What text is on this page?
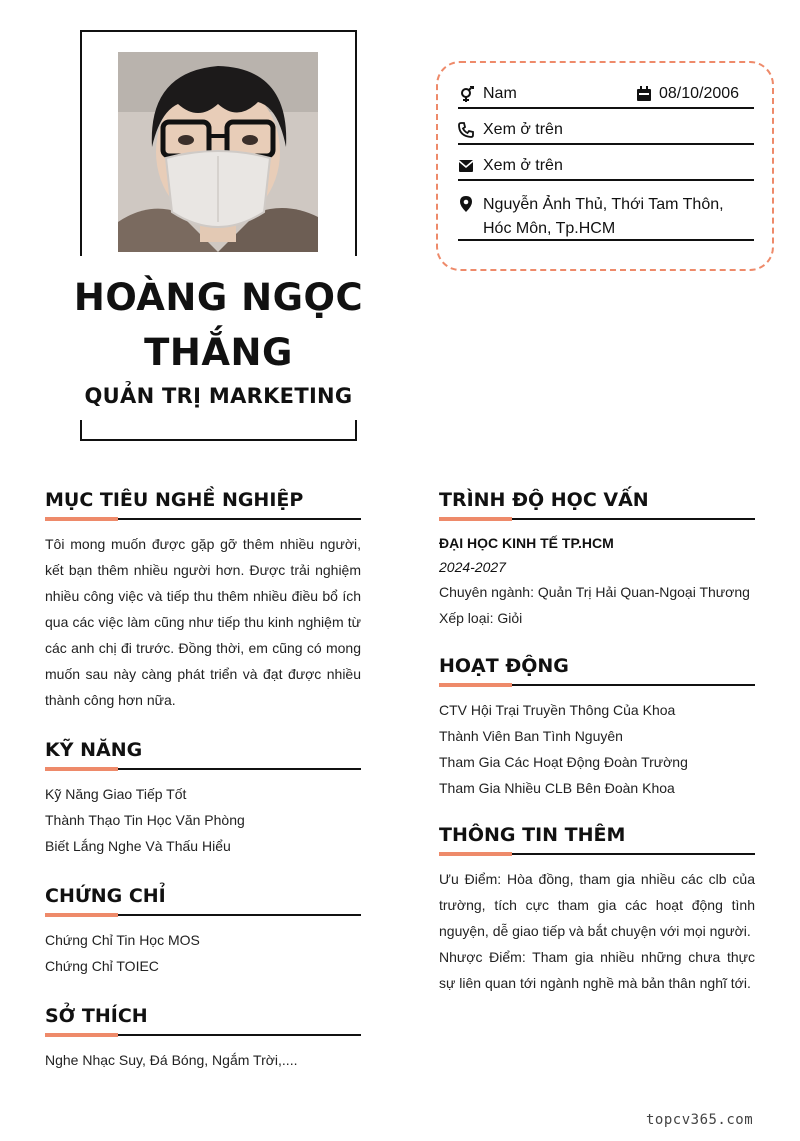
HOÀNG NGỌC THẮNG
QUẢN TRỊ MARKETING
Nam	08/10/2006
Xem ở trên
Xem ở trên
Nguyễn Ảnh Thủ, Thới Tam Thôn, Hóc Môn, Tp.HCM
MỤC TIÊU NGHỀ NGHIỆP
Tôi mong muốn được gặp gỡ thêm nhiều người, kết bạn thêm nhiều người hơn. Được trải nghiệm nhiều công việc và tiếp thu thêm nhiều điều bổ ích qua các việc làm cũng như tiếp thu kinh nghiệm từ các anh chị đi trước. Đồng thời, em cũng có mong muốn sau này càng phát triển và đạt được nhiều thành công hơn nữa.
KỸ NĂNG
Kỹ Năng Giao Tiếp Tốt
Thành Thạo Tin Học Văn Phòng
Biết Lắng Nghe Và Thấu Hiểu
CHỨNG CHỈ
Chứng Chỉ Tin Học MOS
Chứng Chỉ TOIEC
SỞ THÍCH
Nghe Nhạc Suy, Đá Bóng, Ngắm Trời,....
TRÌNH ĐỘ HỌC VẤN
ĐẠI HỌC KINH TẾ TP.HCM
2024-2027
Chuyên ngành: Quản Trị Hải Quan-Ngoại Thương
Xếp loại: Giỏi
HOẠT ĐỘNG
CTV Hội Trại Truyền Thông Của Khoa
Thành Viên Ban Tình Nguyên
Tham Gia Các Hoạt Động Đoàn Trường
Tham Gia Nhiều CLB Bên Đoàn Khoa
THÔNG TIN THÊM
Ưu Điểm: Hòa đồng, tham gia nhiều các clb của trường, tích cực tham gia các hoạt động tình nguyện, dễ giao tiếp và bắt chuyện với mọi người.
Nhược Điểm: Tham gia nhiều những chưa thực sự liên quan tới ngành nghề mà bản thân nghĩ tới.
topcv365.com
